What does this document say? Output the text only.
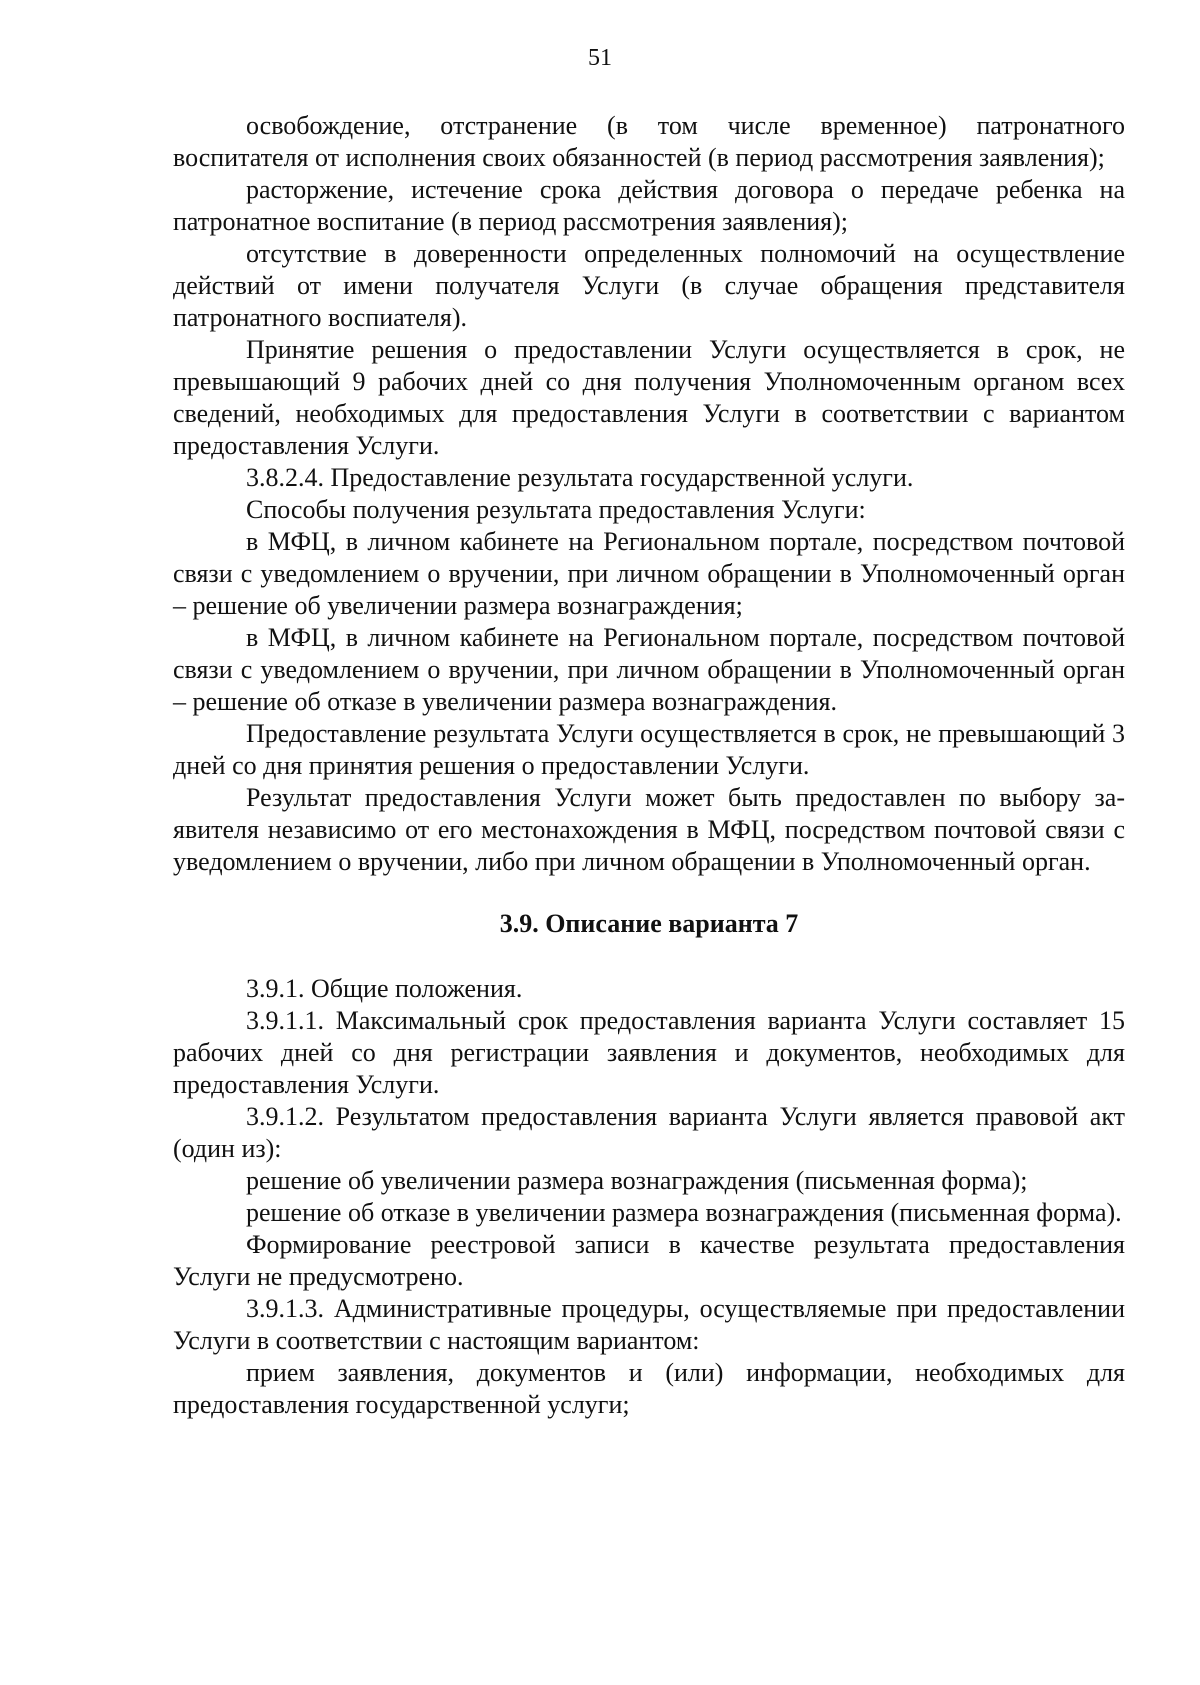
51

освобождение, отстранение (в том числе временное) патронатного воспитателя от исполнения своих обязанностей (в период рассмотрения заявления);

расторжение, истечение срока действия договора о передаче ребенка на патронатное воспитание (в период рассмотрения заявления);

отсутствие в доверенности определенных полномочий на осуществление действий от имени получателя Услуги (в случае обращения представителя патронатного воспиателя).

Принятие решения о предоставлении Услуги осуществляется в срок, не превышающий 9 рабочих дней со дня получения Уполномоченным органом всех сведений, необходимых для предоставления Услуги в соответствии с вариантом предоставления Услуги.

3.8.2.4. Предоставление результата государственной услуги.

Способы получения результата предоставления Услуги:

в МФЦ, в личном кабинете на Региональном портале, посредством почтовой связи с уведомлением о вручении, при личном обращении в Уполномоченный орган – решение об увеличении размера вознаграждения;

в МФЦ, в личном кабинете на Региональном портале, посредством почтовой связи с уведомлением о вручении, при личном обращении в Уполномоченный орган – решение об отказе в увеличении размера вознаграждения.

Предоставление результата Услуги осуществляется в срок, не превышающий 3 дней со дня принятия решения о предоставлении Услуги.

Результат предоставления Услуги может быть предоставлен по выбору заявителя независимо от его местонахождения в МФЦ, посредством почтовой связи с уведомлением о вручении, либо при личном обращении в Уполномоченный орган.

3.9. Описание варианта 7

3.9.1. Общие положения.

3.9.1.1. Максимальный срок предоставления варианта Услуги составляет 15 рабочих дней со дня регистрации заявления и документов, необходимых для предоставления Услуги.

3.9.1.2. Результатом предоставления варианта Услуги является правовой акт (один из):

решение об увеличении размера вознаграждения (письменная форма);

решение об отказе в увеличении размера вознаграждения (письменная форма).

Формирование реестровой записи в качестве результата предоставления Услуги не предусмотрено.

3.9.1.3. Административные процедуры, осуществляемые при предоставлении Услуги в соответствии с настоящим вариантом:

прием заявления, документов и (или) информации, необходимых для предоставления государственной услуги;
